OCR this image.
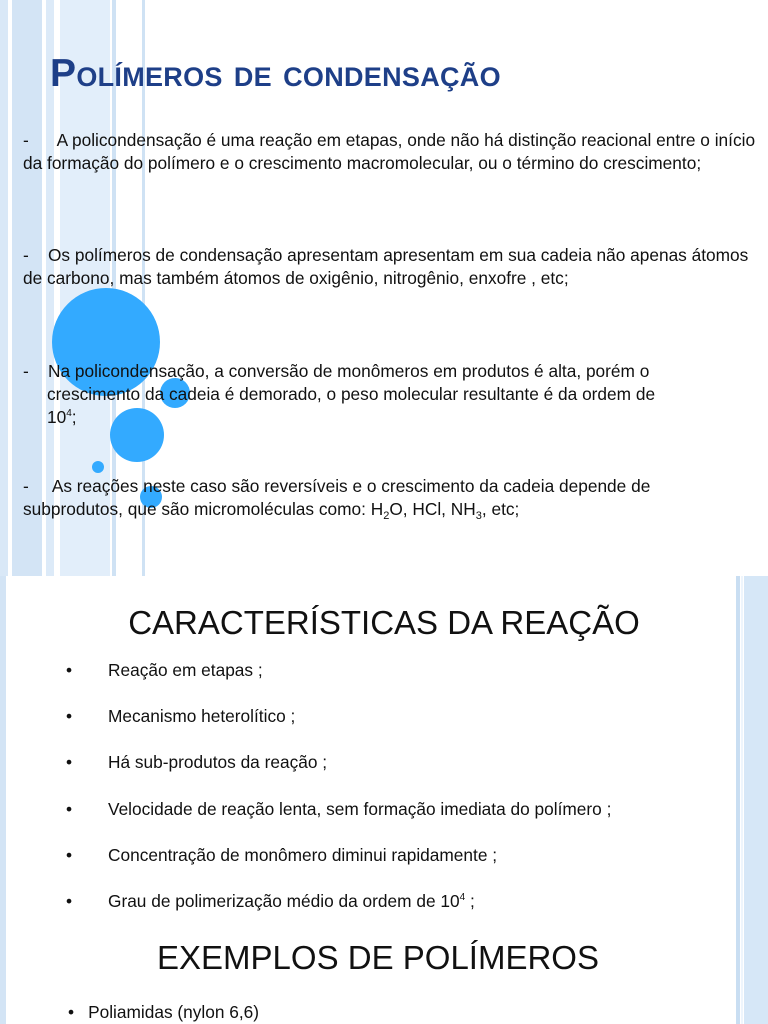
Polímeros de condensação
- A policondensação é uma reação em etapas, onde não há distinção reacional entre o início da formação do polímero e o crescimento macromolecular, ou o término do crescimento;
- Os polímeros de condensação apresentam apresentam em sua cadeia não apenas átomos de carbono, mas também átomos de oxigênio, nitrogênio, enxofre , etc;
- Na policondensação, a conversão de monômeros em produtos é alta, porém o
crescimento da cadeia é demorado, o peso molecular resultante é da ordem de
$10^4$;
- As reações neste caso são reversíveis e o crescimento da cadeia depende de
subprodutos, que são micromoléculas como: $H_2O$, HCl, $NH_3$, etc;
CARACTERÍSTICAS DA REAÇÃO
• Reação em etapas ;
• Mecanismo heterolítico ;
• Há sub-produtos da reação ;
• Velocidade de reação lenta, sem formação imediata do polímero ;
• Concentração de monômero diminui rapidamente ;
• Grau de polimerização médio da ordem de $10^4$ ;
EXEMPLOS DE POLÍMEROS
• Poliamidas (nylon 6,6)
